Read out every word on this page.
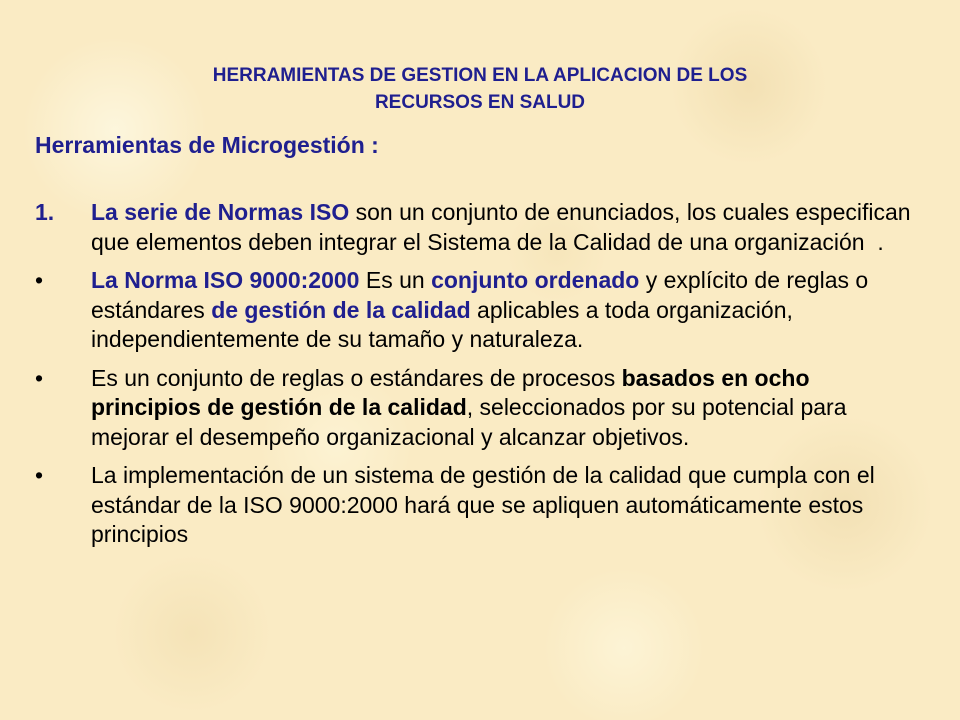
HERRAMIENTAS DE GESTION EN LA APLICACION DE LOS
RECURSOS EN SALUD
Herramientas de Microgestión :
1. La serie de Normas ISO son un conjunto de enunciados, los cuales especifican que elementos deben integrar el Sistema de la Calidad de una organización  .
• La Norma ISO 9000:2000 Es un conjunto ordenado y explícito de reglas o estándares de gestión de la calidad aplicables a toda organización, independientemente de su tamaño y naturaleza.
• Es un conjunto de reglas o estándares de procesos basados en ocho principios de gestión de la calidad, seleccionados por su potencial para mejorar el desempeño organizacional y alcanzar objetivos.
• La implementación de un sistema de gestión de la calidad que cumpla con el estándar de la ISO 9000:2000 hará que se apliquen automáticamente estos principios
